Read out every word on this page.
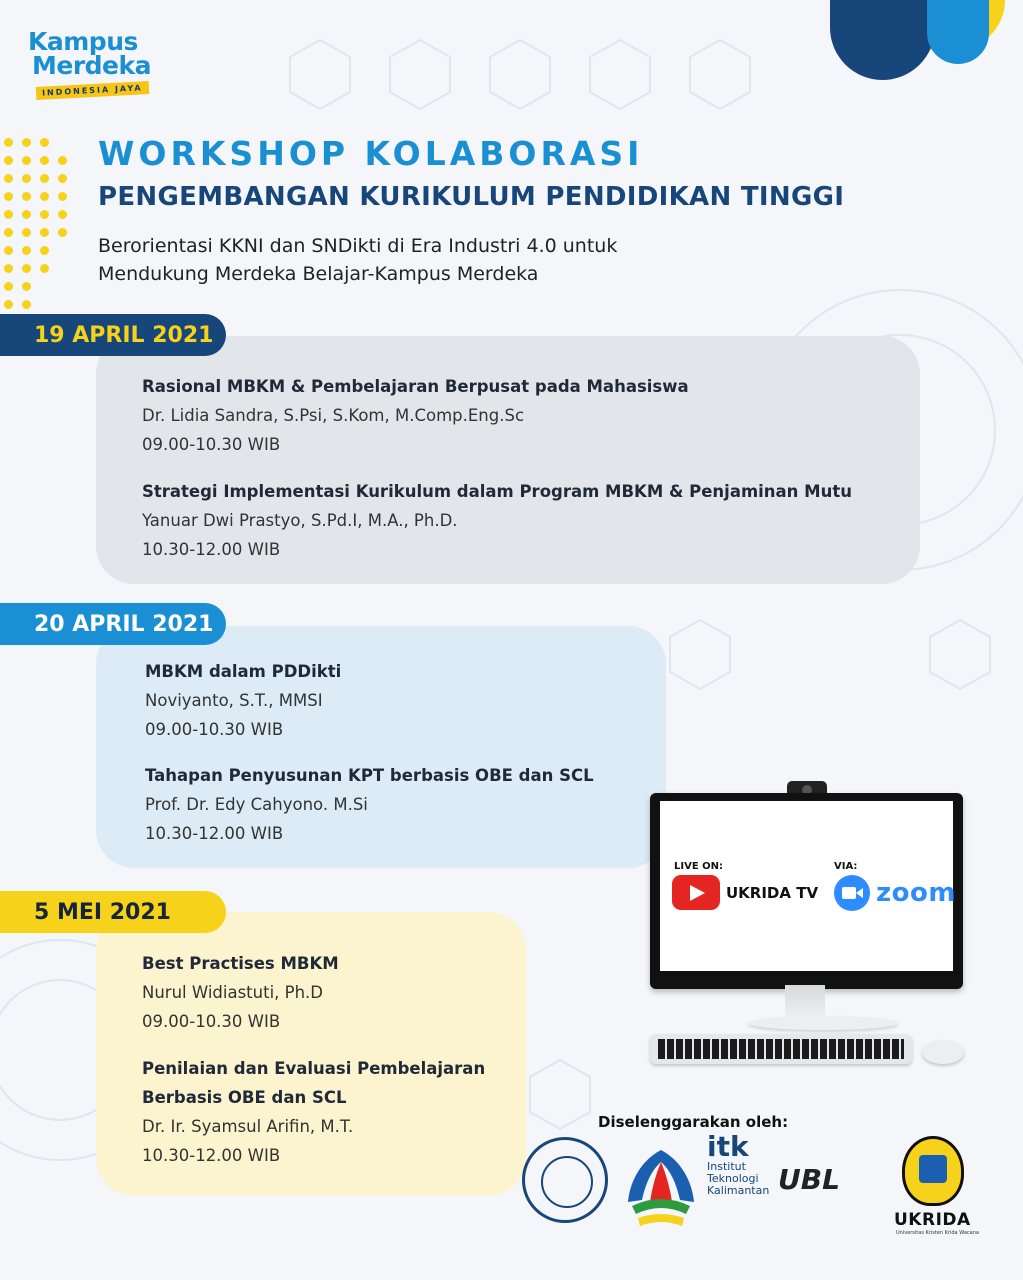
Kampus
Merdeka
INDONESIA JAYA
WORKSHOP KOLABORASI
PENGEMBANGAN KURIKULUM PENDIDIKAN TINGGI
Berorientasi KKNI dan SNDikti di Era Industri 4.0 untuk
Mendukung Merdeka Belajar-Kampus Merdeka
19 APRIL 2021
Rasional MBKM & Pembelajaran Berpusat pada Mahasiswa
Dr. Lidia Sandra, S.Psi, S.Kom, M.Comp.Eng.Sc
09.00-10.30 WIB
Strategi Implementasi Kurikulum dalam Program MBKM & Penjaminan Mutu
Yanuar Dwi Prastyo, S.Pd.I, M.A., Ph.D.
10.30-12.00 WIB
20 APRIL 2021
MBKM dalam PDDikti
Noviyanto, S.T., MMSI
09.00-10.30 WIB
Tahapan Penyusunan KPT berbasis OBE dan SCL
Prof. Dr. Edy Cahyono. M.Si
10.30-12.00 WIB
5 MEI 2021
Best Practises MBKM
Nurul Widiastuti, Ph.D
09.00-10.30 WIB
Penilaian dan Evaluasi Pembelajaran
Berbasis OBE dan SCL
Dr. Ir. Syamsul Arifin, M.T.
10.30-12.00 WIB
LIVE ON:
UKRIDA TV
VIA:
zoom
Diselenggarakan oleh:
itk
Institut
Teknologi
Kalimantan UBL
UKRIDA
Universitas Kristen Krida Wacana
